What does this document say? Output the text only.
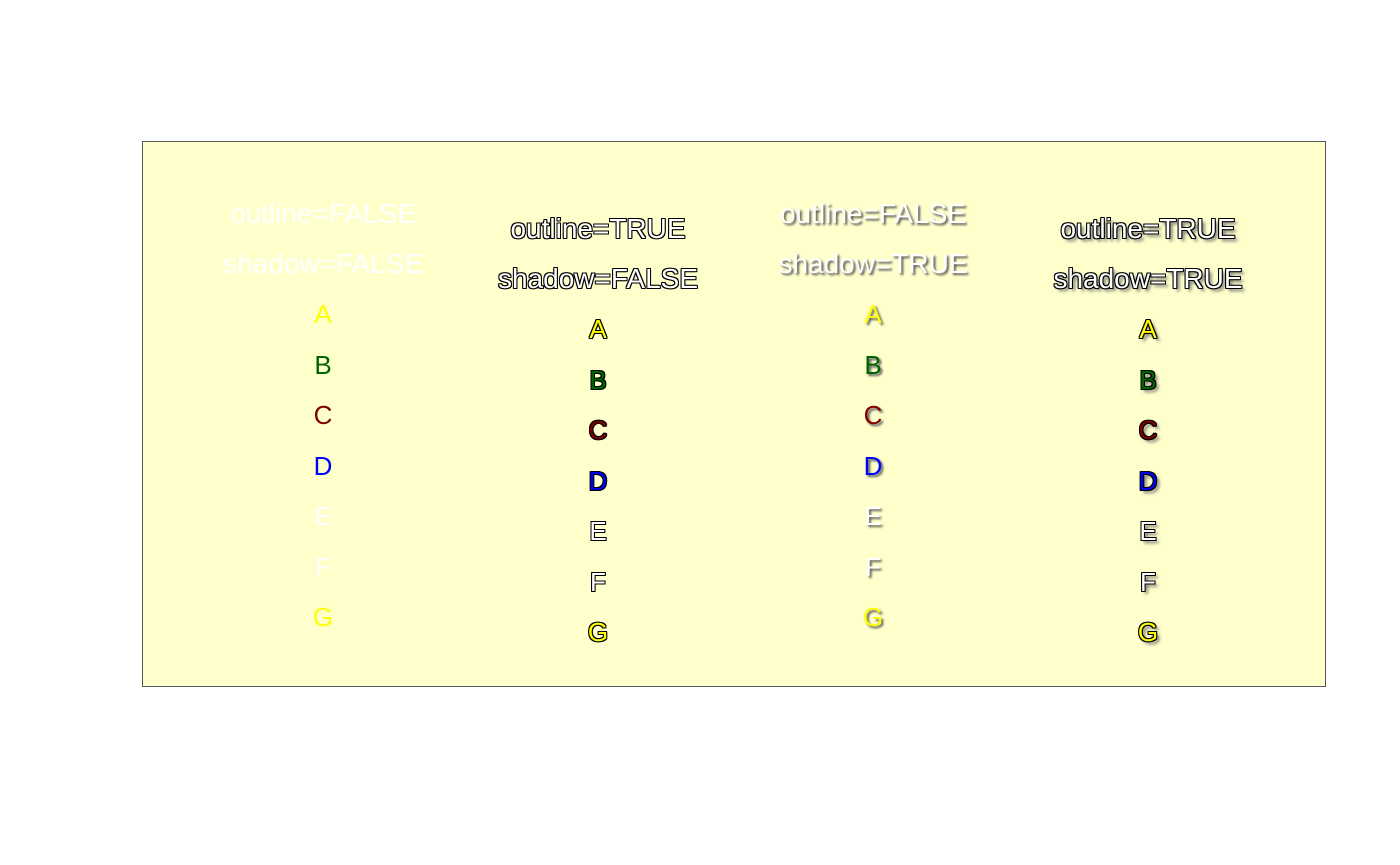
outline=FALSE
shadow=FALSE
A
B
C
D
E
F
G
outline=TRUE
shadow=FALSE
A
B
C
D
E
F
G
outline=FALSE
shadow=TRUE
A
B
C
D
E
F
G
outline=TRUE
shadow=TRUE
A
B
C
D
E
F
G
